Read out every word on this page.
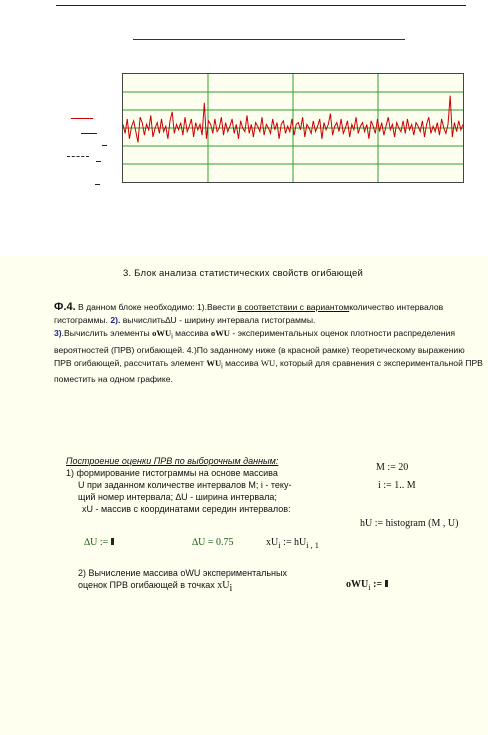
3. Блок анализа статистических свойств огибающей
Ф.4. В данном блоке необходимо: 1).Ввести в соответствии с вариантомколичество интервалов гистограммы. 2). вычислить∆U - ширину интервала гистограммы.
3).Вычислить элементы oWU$_i$ массива oWU - экспериментальных оценок плотности распределения вероятностей (ПРВ) огибающей. 4.)По заданному ниже (в красной рамке) теоретическому выражению ПРВ огибающей, рассчитать элемент $WU_i$ массива WU, который для сравнения с экспериментальной ПРВ поместить на одном графике.
Построение оценки ПРВ по выборочным данным:
1) формирование гистограммы на основе массива
U при заданном количестве интервалов M; i - теку-
щий номер интервала; ∆U - ширина интервала;
xU - массив с координатами середин интервалов:
M := 20
i := 1.. M
hU := histogram (M , U)
∆U :=	∆U = 0.75	$xU_i$ := $hU_{i , 1}$
2) Вычисление массива oWU экспериментальных
оценок ПРВ огибающей в точках $xU_i$	oWU$_i$ :=
